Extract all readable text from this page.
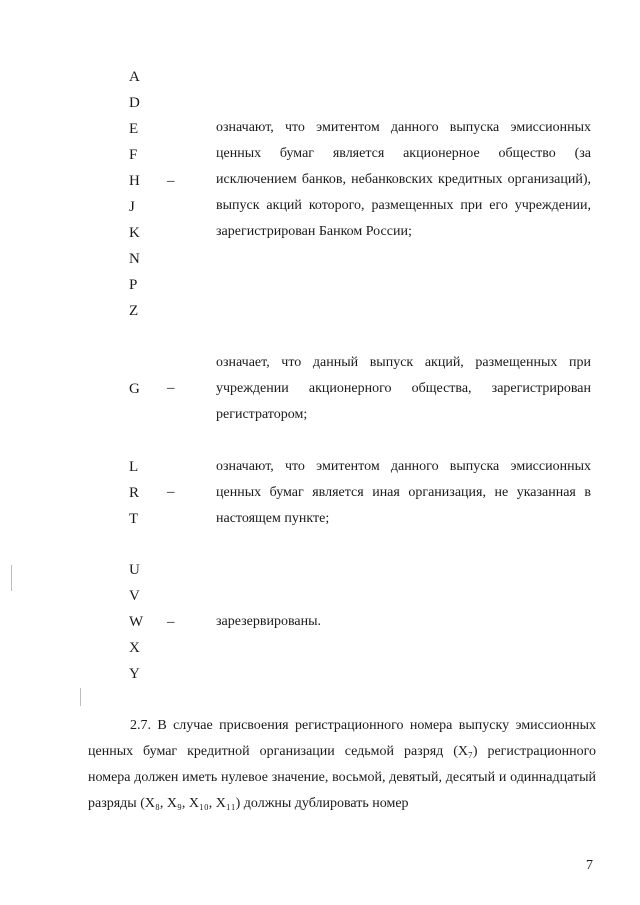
A
D
E
F
H
J
K
N
P
Z
–

означают, что эмитентом данного выпуска эмиссионных ценных бумаг является акционерное общество (за исключением банков, небанковских кредитных организаций), выпуск акций которого, размещенных при его учреждении, зарегистрирован Банком России;

G –

означает, что данный выпуск акций, размещенных при учреждении акционерного общества, зарегистрирован регистратором;

L
R
T
–

означают, что эмитентом данного выпуска эмиссионных ценных бумаг является иная организация, не указанная в настоящем пункте;

U
V
W
X
Y
–	зарезервированы.

2.7. В случае присвоения регистрационного номера выпуску эмиссионных ценных бумаг кредитной организации седьмой разряд (X₇) регистрационного номера должен иметь нулевое значение, восьмой, девятый, десятый и одиннадцатый разряды (X₈, X₉, X₁₀, X₁₁) должны дублировать номер

7
